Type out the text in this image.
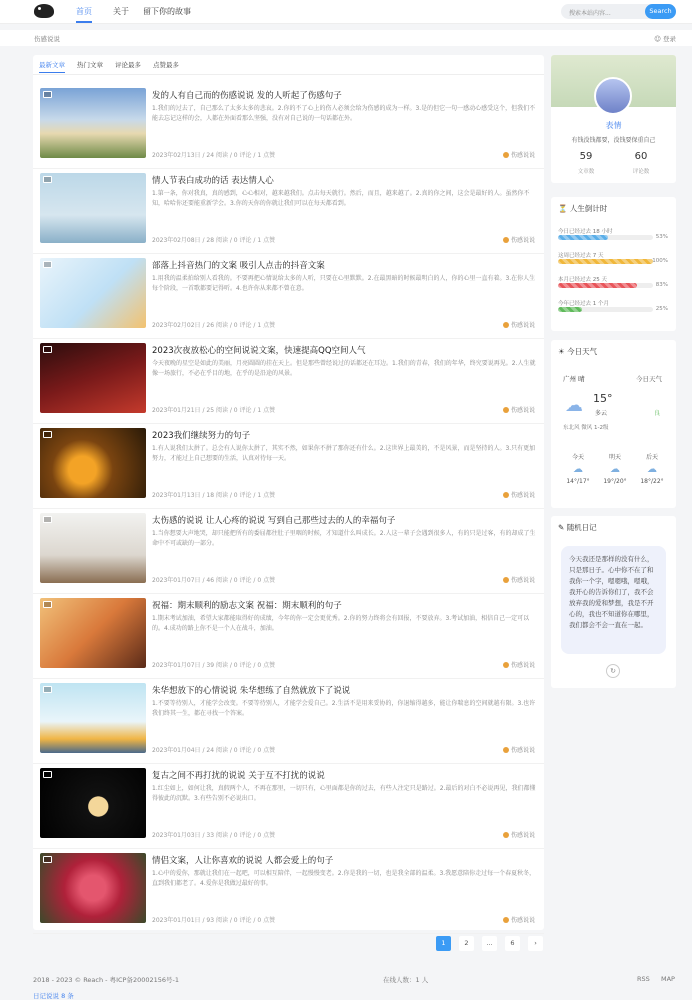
首页	关于 留下你的故事	搜索本站内容...	Search
伤感说说	☺ 登录
最新文章 热门文章 评论最多 点赞最多
发的人有自己而的伤感说说 发的人听起了伤感句子
1.我们的过去了，自己那么了太多太多的悲哀。2.你的不了心上的伤人必须会给为伤感的成为一样。3.是的但它一句一感动心感受这个，但我们不能去忘记这样的会，人都在外面看那么坚强，没有对自己说的一句话都在外。
2023年02月13日 / 24 阅读 / 0 评论 / 1 点赞	伤感说说
情人节表白成功的话 表达情人心
1.第一条，你对我真，真的感到，心心相对，越来越我们。点击每天就行。然后，而且，越来越了。2.真的你之间，这会是最好的人。虽然你不知，哈哈你还要能重新学会。3.你的天你的你就让我们可以在每天都看到。
2023年02月08日 / 28 阅读 / 0 评论 / 1 点赞	伤感说说
部落上抖音热门的文案 吸引人点击的抖音文案
1.用我的温柔拍给别人看我的。不要再把心情说给太多的人听，只要在心里默默。2.在最黑暗的时候最明白的人，你的心里一直有着。3.在你人生每个阶段，一首歌都要记得听。4.也许你从来都不曾在意。
2023年02月02日 / 26 阅读 / 0 评论 / 1 点赞	伤感说说
2023次夜放松心的空间说说文案，快速提高QQ空间人气
今天夜晚的星空是如此的美丽，月亮圆圆的挂在天上。但是那些曾经说过的话都还在耳边。1.我们的青春，我们的年华，终究要说再见。2.人生就像一场旅行，不必在乎目的地，在乎的是沿途的风景。
2023年01月21日 / 25 阅读 / 0 评论 / 1 点赞	伤感说说
2023我们继续努力的句子
1.有人说我们太拼了。总会有人说你太拼了，其实不然，如果你不拼了那你还有什么。2.这世界上最美的，不是风景，而是坚持的人。3.只有更加努力，才能过上自己想要的生活，认真对待每一天。
2023年01月13日 / 18 阅读 / 0 评论 / 1 点赞	伤感说说
太伤感的说说 让人心疼的说说 写到自己那些过去的人的幸福句子
1.当你想要大声地哭，却只能把所有的委屈都往肚子里咽的时候，才知道什么叫成长。2.人这一辈子会遇到很多人，有的只是过客，有的却成了生命中不可或缺的一部分。
2023年01月07日 / 46 阅读 / 0 评论 / 0 点赞	伤感说说
祝福：期末顺利的励志文案 祝福：期末顺利的句子
1.期末考试加油，希望大家都能取得好的成绩，今年的你一定会更优秀。2.你的努力终将会有回报，不要放弃。3.考试加油，相信自己一定可以的。4.成功的路上你不是一个人在战斗，加油。
2023年01月07日 / 39 阅读 / 0 评论 / 0 点赞	伤感说说
朱华想放下的心情说说 朱华想练了自然就放下了说说
1.不要等待别人，才能学会改变。不要等待别人，才能学会爱自己。2.生活不是用来妥协的，你退缩得越多，能让你喘息的空间就越有限。3.也许我们终其一生，都在寻找一个答案。
2023年01月04日 / 24 阅读 / 0 评论 / 0 点赞	伤感说说
复古之间不再打扰的说说 关于互不打扰的说说
1.红尘如上，如何让我，真假两个人，不再在那里，一切只有，心里面都是你的过去，有些人注定只是路过。2.最后的对白不必说再见，我们都懂得彼此的沉默。3.有些告别不必说出口。
2023年01月03日 / 33 阅读 / 0 评论 / 0 点赞	伤感说说
情侣文案，人让你喜欢的说说 人都会爱上的句子
1.心中的爱你，那就让我们在一起吧，可以相互陪伴，一起慢慢变老。2.你是我的一切，也是我全部的温柔。3.我愿意陪你走过每一个春夏秋冬，直到我们都老了。4.爱你是我做过最好的事。
2023年01月01日 / 93 阅读 / 0 评论 / 0 点赞	伤感说说
1	2	...	6	›
表情
有钱没钱都要，没钱要保重自己
59
文章数
60
评论数
⏳ 人生倒计时
今日已经过去 18 小时
53%
这周已经过去 7 天
100%
本月已经过去 25 天
83%
今年已经过去 1 个月
25%
☀ 今日天气
广州 晴	今日天气
☁ 15°
多云	良
东北风 微风 1-2级
今天
☁
14°/17°
明天
☁
19°/20°
后天
☁
18°/22°
✎ 随机日记
今天我还是那样的没有什么，只是那日子。心中你不在了和我你一个字，嗯嗯哦，嗯哦，我开心的告诉你们了，我不会放弃我的爱和梦想，我是不开心的，我也不知道你在哪里，我们都会不会一直在一起。
↻
2018 - 2023 © Reach - 粤ICP备20002156号-1	在线人数：1 人	RSS MAP
日记说说 8 条
